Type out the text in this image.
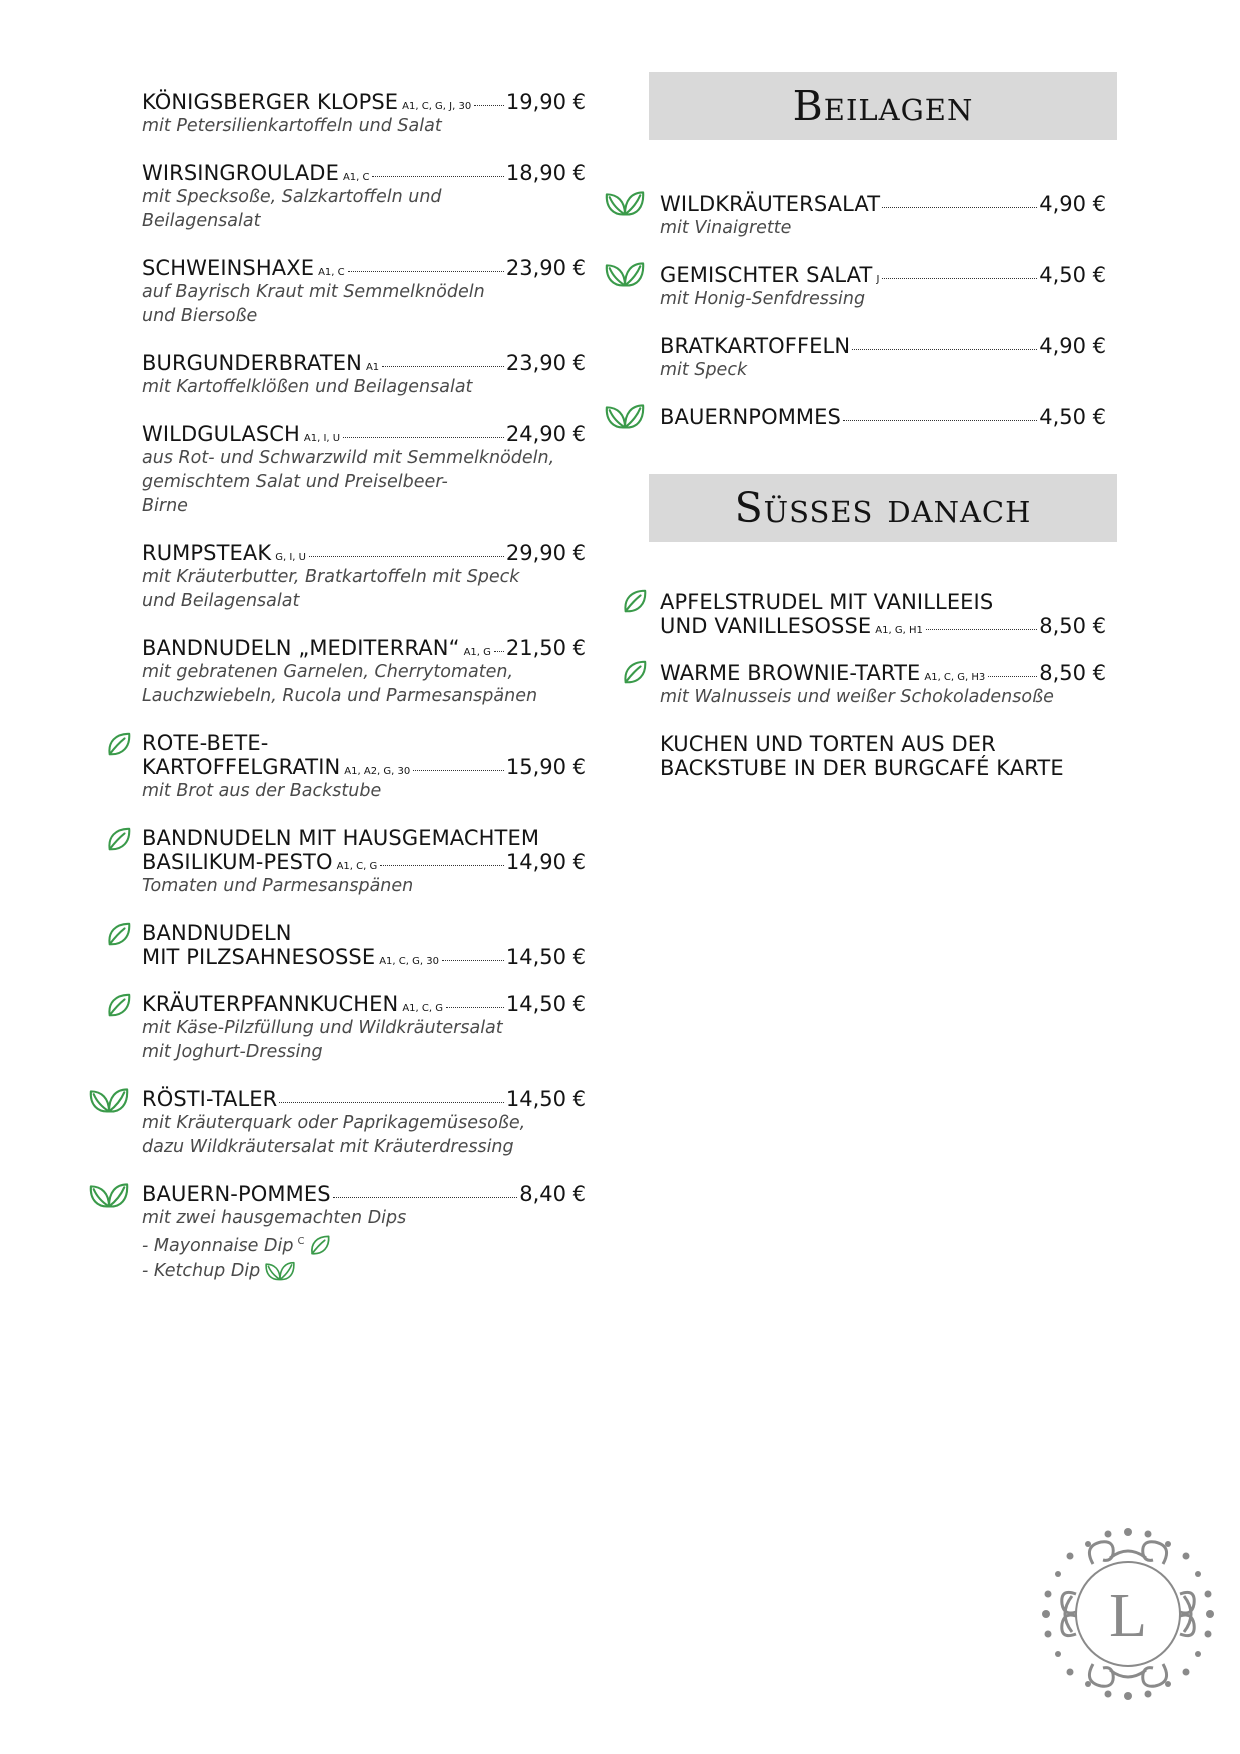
KÖNIGSBERGER KLOPSE A1, C, G, J, 30 19,90 €
mit Petersilienkartoffeln und Salat
WIRSINGROULADE A1, C	18,90 €
mit Specksoße, Salzkartoffeln und
Beilagensalat
SCHWEINSHAXE A1, C	23,90 €
auf Bayrisch Kraut mit Semmelknödeln
und Biersoße
BURGUNDERBRATEN A1	23,90 €
mit Kartoffelklößen und Beilagensalat
WILDGULASCH A1, I, U	24,90 €
aus Rot- und Schwarzwild mit Semmelknödeln,
gemischtem Salat und Preiselbeer-
Birne
RUMPSTEAK G, I, U	29,90 €
mit Kräuterbutter, Bratkartoffeln mit Speck
und Beilagensalat
BANDNUDELN „MEDITERRAN“ A1, G 21,50 €
mit gebratenen Garnelen, Cherrytomaten,
Lauchzwiebeln, Rucola und Parmesanspänen
ROTE-BETE-
KARTOFFELGRATIN A1, A2, G, 30	15,90 €
mit Brot aus der Backstube
BANDNUDELN MIT HAUSGEMACHTEM
BASILIKUM-PESTO A1, C, G	14,90 €
Tomaten und Parmesanspänen
BANDNUDELN
MIT PILZSAHNESOSSE A1, C, G, 30	14,50 €
KRÄUTERPFANNKUCHEN A1, C, G	14,50 €
mit Käse-Pilzfüllung und Wildkräutersalat
mit Joghurt-Dressing
RÖSTI-TALER	14,50 €
mit Kräuterquark oder Paprikagemüsesoße,
dazu Wildkräutersalat mit Kräuterdressing
BAUERN-POMMES	8,40 €
mit zwei hausgemachten Dips
- Mayonnaise Dip $^C$
- Ketchup Dip
Beilagen
WILDKRÄUTERSALAT	4,90 €
mit Vinaigrette
GEMISCHTER SALAT J	4,50 €
mit Honig-Senfdressing
BRATKARTOFFELN	4,90 €
mit Speck
BAUERNPOMMES	4,50 €
Süsses danach
APFELSTRUDEL MIT VANILLEEIS
UND VANILLESOSSE A1, G, H1	8,50 €
WARME BROWNIE-TARTE A1, C, G, H3	8,50 €
mit Walnusseis und weißer Schokoladensoße
KUCHEN UND TORTEN AUS DER
BACKSTUBE IN DER BURGCAFÉ KARTE
L
